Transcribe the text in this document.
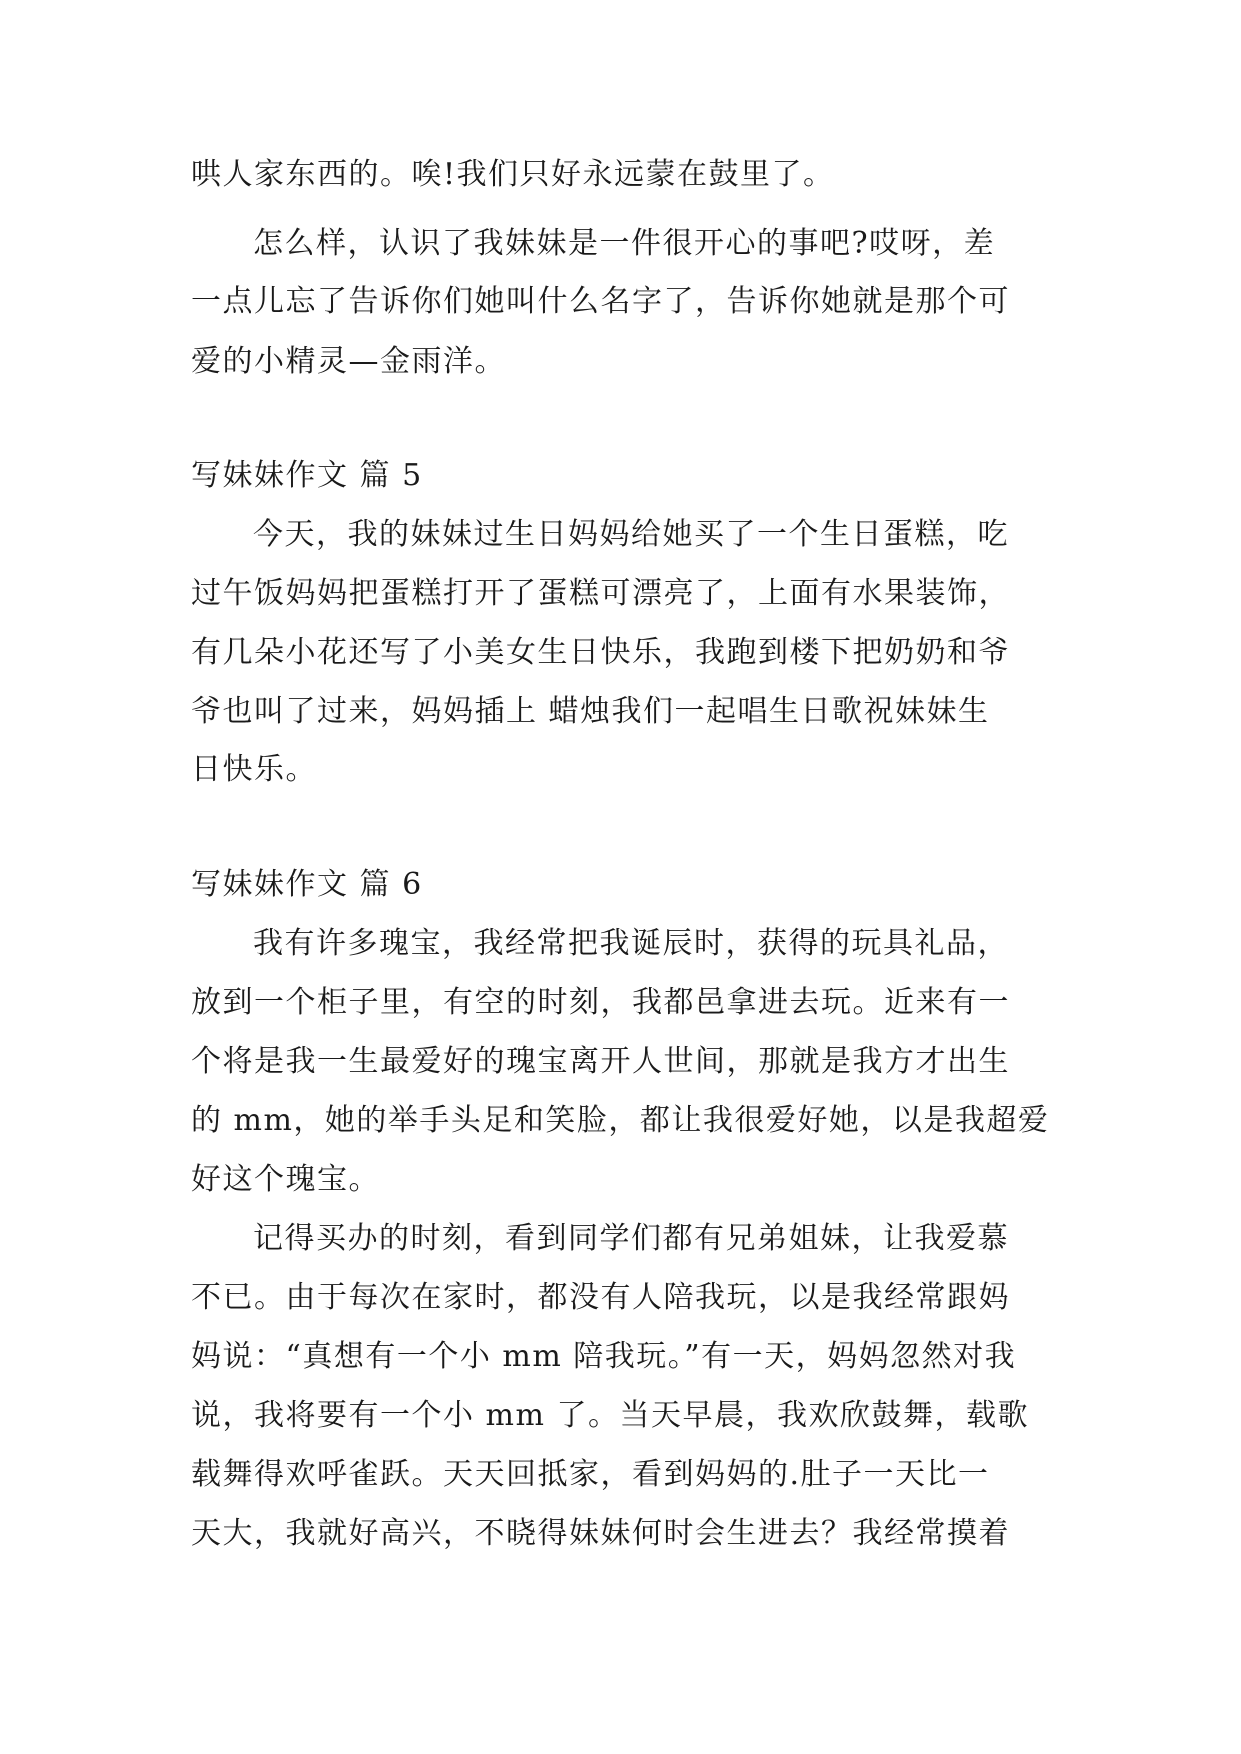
哄人家东西的。唉!我们只好永远蒙在鼓里了。
怎么样，认识了我妹妹是一件很开心的事吧?哎呀，差
一点儿忘了告诉你们她叫什么名字了，告诉你她就是那个可
爱的小精灵—金雨洋。
写妹妹作文 篇 5
今天，我的妹妹过生日妈妈给她买了一个生日蛋糕，吃
过午饭妈妈把蛋糕打开了蛋糕可漂亮了，上面有水果装饰，
有几朵小花还写了小美女生日快乐，我跑到楼下把奶奶和爷
爷也叫了过来，妈妈插上 蜡烛我们一起唱生日歌祝妹妹生
日快乐。
写妹妹作文 篇 6
我有许多瑰宝，我经常把我诞辰时，获得的玩具礼品，
放到一个柜子里，有空的时刻，我都邑拿进去玩。近来有一
个将是我一生最爱好的瑰宝离开人世间，那就是我方才出生
的 mm，她的举手头足和笑脸，都让我很爱好她，以是我超爱
好这个瑰宝。
记得买办的时刻，看到同学们都有兄弟姐妹，让我爱慕
不已。由于每次在家时，都没有人陪我玩，以是我经常跟妈
妈说：“真想有一个小 mm 陪我玩。”有一天，妈妈忽然对我
说，我将要有一个小 mm 了。当天早晨，我欢欣鼓舞，载歌
载舞得欢呼雀跃。天天回抵家，看到妈妈的.肚子一天比一
天大，我就好高兴，不晓得妹妹何时会生进去？我经常摸着
